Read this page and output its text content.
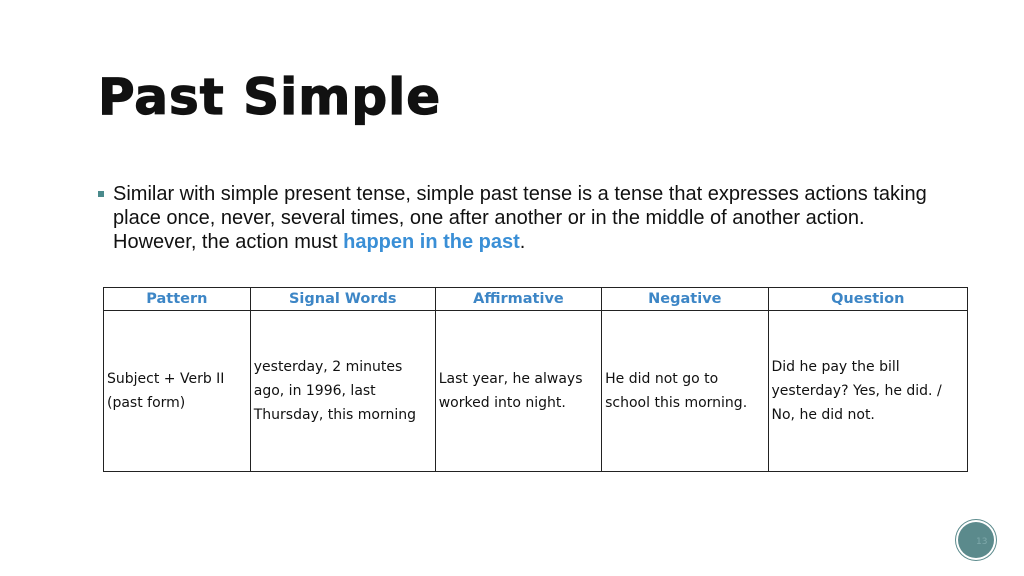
Past Simple
Similar with simple present tense, simple past tense is a tense that expresses actions taking place once, never, several times, one after another or in the middle of another action. However, the action must happen in the past.
Pattern	Signal Words	Affirmative	Negative	Question
Subject + Verb II (past form)	yesterday, 2 minutes ago, in 1996, last Thursday, this morning	Last year, he always worked into night.	He did not go to school this morning.	Did he pay the bill yesterday? Yes, he did. / No, he did not.
13
